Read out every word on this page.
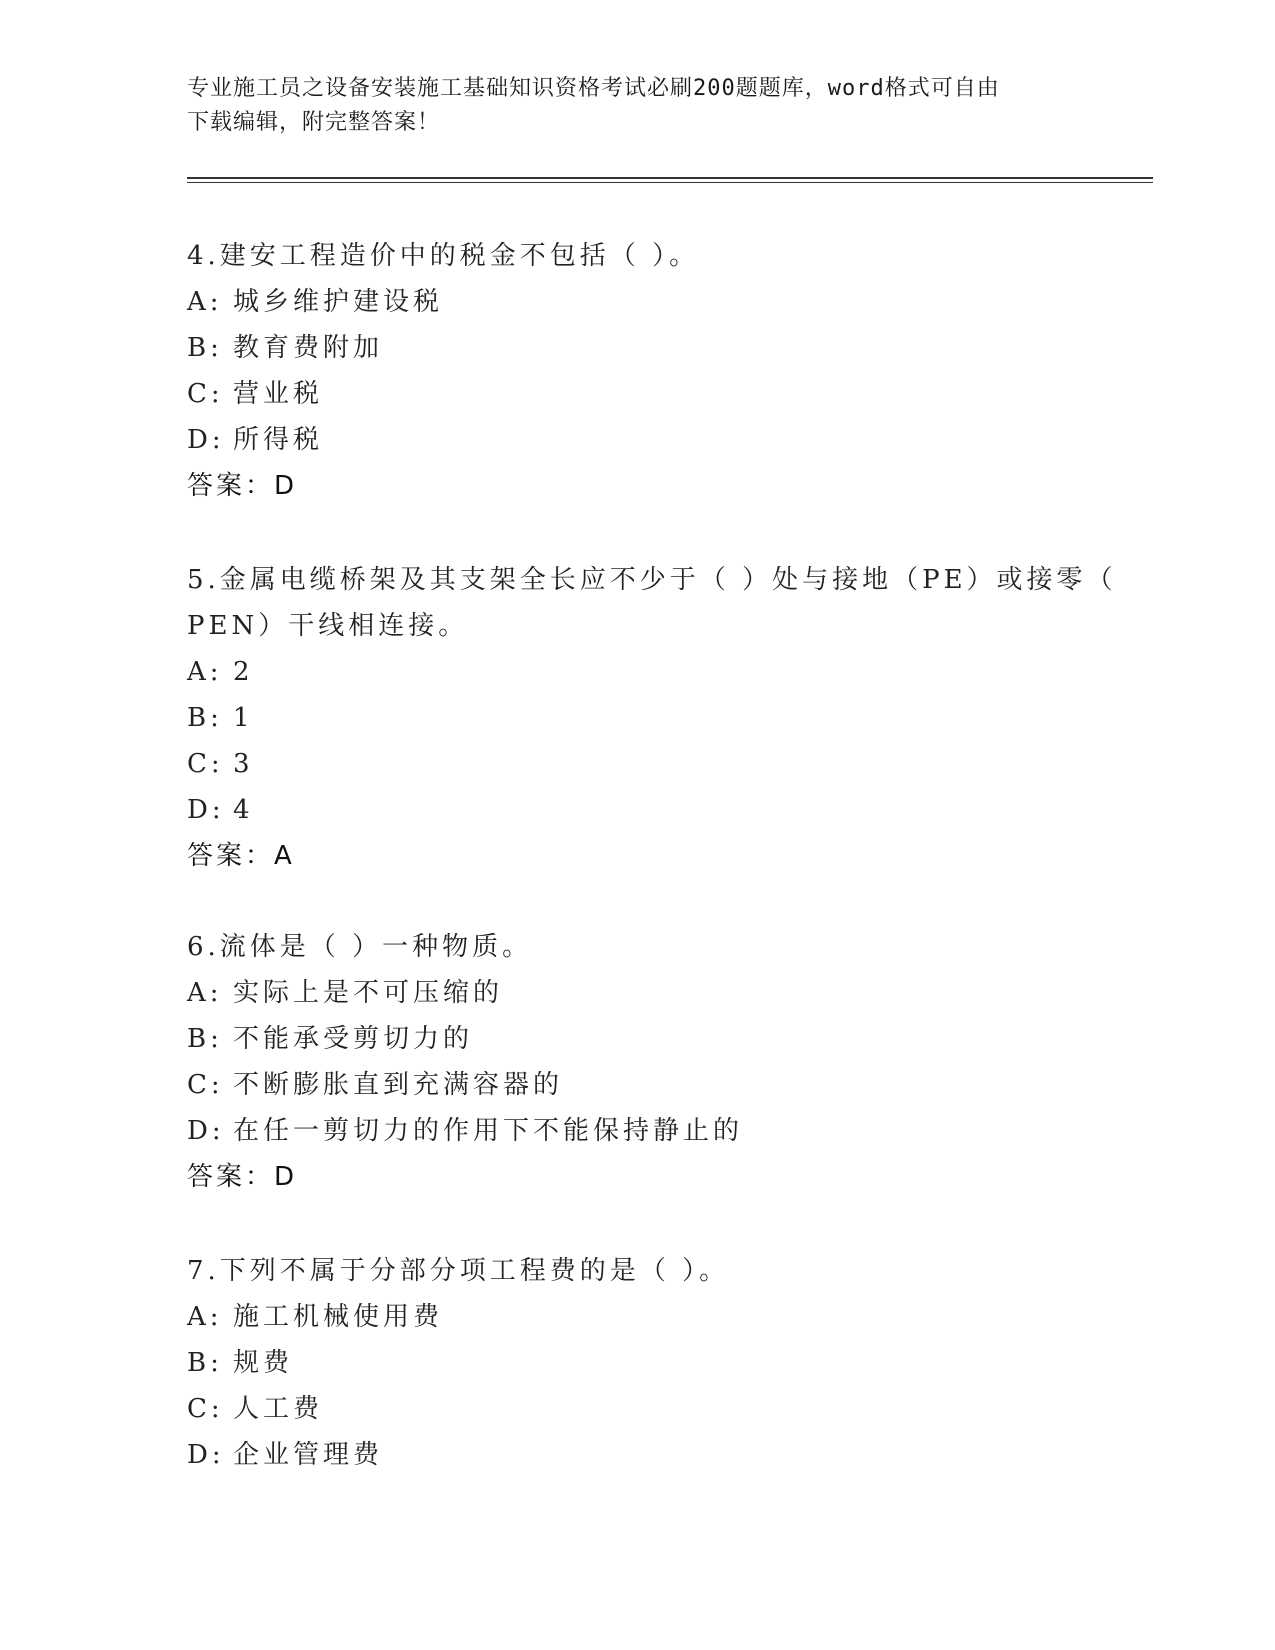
专业施工员之设备安装施工基础知识资格考试必刷200题题库，word格式可自由
下载编辑，附完整答案！
4.建安工程造价中的税金不包括（ ）。
A: 城乡维护建设税
B: 教育费附加
C: 营业税
D: 所得税
答案：D
5.金属电缆桥架及其支架全长应不少于（ ）处与接地（PE）或接零（
PEN）干线相连接。
A: 2
B: 1
C: 3
D: 4
答案：A
6.流体是（ ）一种物质。
A: 实际上是不可压缩的
B: 不能承受剪切力的
C: 不断膨胀直到充满容器的
D: 在任一剪切力的作用下不能保持静止的
答案：D
7.下列不属于分部分项工程费的是（ ）。
A: 施工机械使用费
B: 规费
C: 人工费
D: 企业管理费
